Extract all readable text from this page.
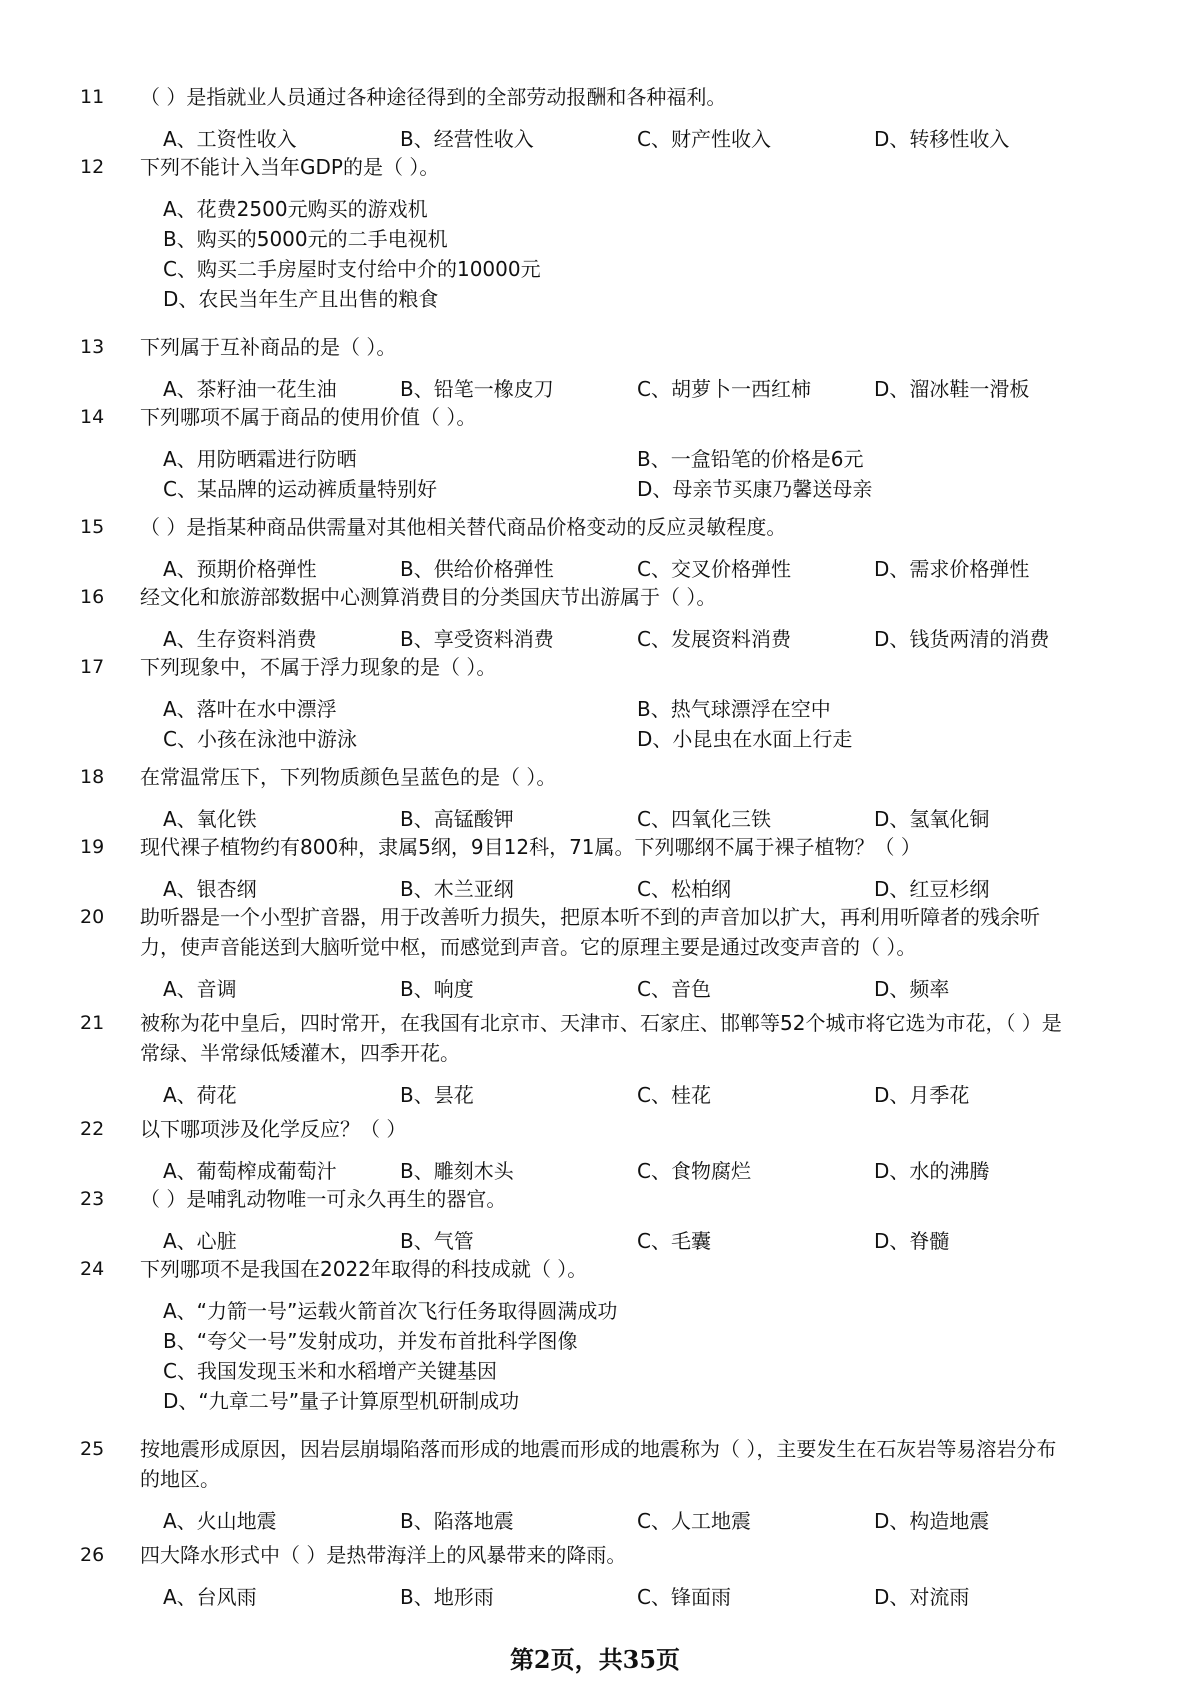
11	（ ）是指就业人员通过各种途径得到的全部劳动报酬和各种福利。
A、工资性收入	B、经营性收入	C、财产性收入	D、转移性收入
12	下列不能计入当年GDP的是（ ）。
A、花费2500元购买的游戏机
B、购买的5000元的二手电视机
C、购买二手房屋时支付给中介的10000元
D、农民当年生产且出售的粮食
13	下列属于互补商品的是（ ）。
A、茶籽油一花生油	B、铅笔一橡皮刀	C、胡萝卜一西红柿	D、溜冰鞋一滑板
14	下列哪项不属于商品的使用价值（ ）。
A、用防晒霜进行防晒	B、一盒铅笔的价格是6元
C、某品牌的运动裤质量特别好	D、母亲节买康乃馨送母亲
15	（ ）是指某种商品供需量对其他相关替代商品价格变动的反应灵敏程度。
A、预期价格弹性	B、供给价格弹性	C、交叉价格弹性	D、需求价格弹性
16	经文化和旅游部数据中心测算消费目的分类国庆节出游属于（ ）。
A、生存资料消费	B、享受资料消费	C、发展资料消费	D、钱货两清的消费
17	下列现象中，不属于浮力现象的是（ ）。
A、落叶在水中漂浮	B、热气球漂浮在空中
C、小孩在泳池中游泳	D、小昆虫在水面上行走
18	在常温常压下，下列物质颜色呈蓝色的是（ ）。
A、氧化铁	B、高锰酸钾	C、四氧化三铁	D、氢氧化铜
19	现代裸子植物约有800种，隶属5纲，9目12科，71属。下列哪纲不属于裸子植物？（ ）
A、银杏纲	B、木兰亚纲	C、松柏纲	D、红豆杉纲
20	助听器是一个小型扩音器，用于改善听力损失，把原本听不到的声音加以扩大，再利用听障者的残余听力，使声音能送到大脑听觉中枢，而感觉到声音。它的原理主要是通过改变声音的（ ）。
A、音调	B、响度	C、音色	D、频率
21	被称为花中皇后，四时常开，在我国有北京市、天津市、石家庄、邯郸等52个城市将它选为市花，（ ）是常绿、半常绿低矮灌木，四季开花。
A、荷花	B、昙花	C、桂花	D、月季花
22	以下哪项涉及化学反应？（ ）
A、葡萄榨成葡萄汁	B、雕刻木头	C、食物腐烂	D、水的沸腾
23	（ ）是哺乳动物唯一可永久再生的器官。
A、心脏	B、气管	C、毛囊	D、脊髓
24	下列哪项不是我国在2022年取得的科技成就（ ）。
A、“力箭一号”运载火箭首次飞行任务取得圆满成功
B、“夸父一号”发射成功，并发布首批科学图像
C、我国发现玉米和水稻增产关键基因
D、“九章二号”量子计算原型机研制成功
25	按地震形成原因，因岩层崩塌陷落而形成的地震而形成的地震称为（ ），主要发生在石灰岩等易溶岩分布的地区。
A、火山地震	B、陷落地震	C、人工地震	D、构造地震
26	四大降水形式中（ ）是热带海洋上的风暴带来的降雨。
A、台风雨	B、地形雨	C、锋面雨	D、对流雨
第2页，共35页
